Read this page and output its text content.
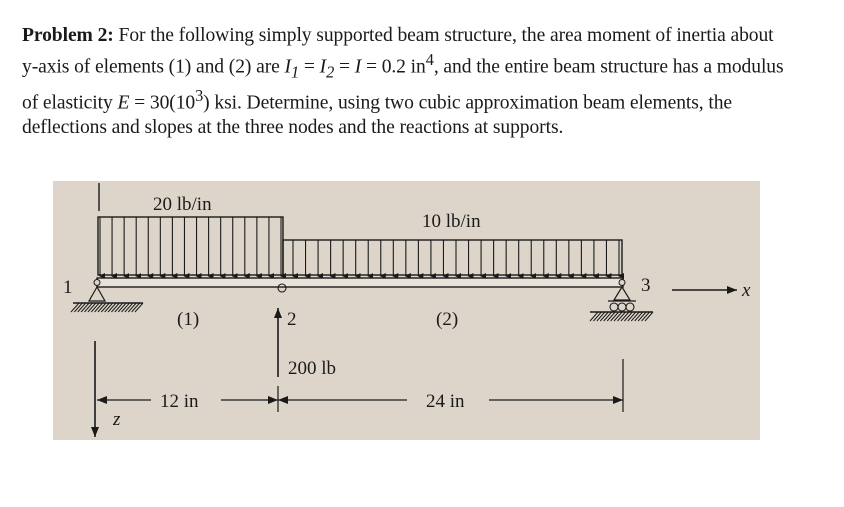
Problem 2: For the following simply supported beam structure, the area moment of inertia about
y-axis of elements (1) and (2) are $I_1 = I_2 = I = 0.2$ $in^4$, and the entire beam structure has a modulus
of elasticity $E = 30(10^3)$ ksi. Determine, using two cubic approximation beam elements, the
deflections and slopes at the three nodes and the reactions at supports.
20 lb/in
10 lb/in
1	3	x
2
200 lb
(1)	(2)
z
12 in	24 in
